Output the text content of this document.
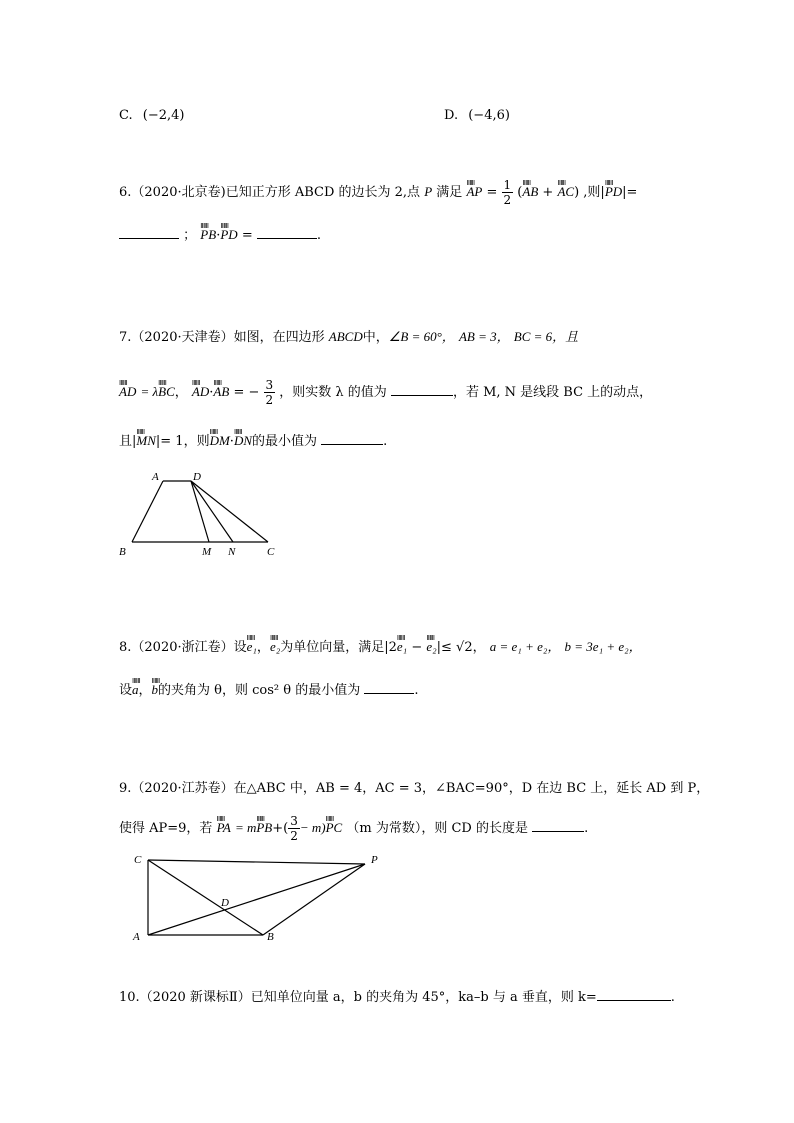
C. (−2,4)	D. (−4,6)
6.（2020·北京卷)已知正方形 ABCD 的边长为 2,点 P 满足 ⅢⅢ AP = $\frac{1}{2}$ (ⅢⅢ AB + ⅢⅢ AC) ,则|ⅢⅢ PD|=
； ⅢⅢ PB·ⅢⅢ PD =	.
7.（2020·天津卷）如图，在四边形 ABCD中，∠B = 60°， AB = 3， BC = 6，且
ⅢⅢ AD = λⅢⅢ BC， ⅢⅢ AD·ⅢⅢ AB = − $\frac{3}{2}$ ，则实数 λ 的值为	，若 M, N 是线段 BC 上的动点，
且|ⅢⅢ MN|= 1，则ⅢⅢ DM·ⅢⅢ DN的最小值为	.
A	D
B	M N	C
8.（2020·浙江卷）设ⅢⅢ e₁，ⅢⅢ e₂为单位向量，满足|2ⅢⅢ e₁ − ⅢⅢ e₂|≤ √2， a = e₁ + e₂， b = 3e₁ + e₂，
设ⅢⅢ a，ⅢⅢ b的夹角为 θ，则 cos² θ 的最小值为	.
9.（2020·江苏卷）在△ABC 中，AB = 4，AC = 3，∠BAC=90°，D 在边 BC 上，延长 AD 到 P，
使得 AP=9，若 ⅢⅢ PA = mⅢⅢ $PB+( \frac{3}{2}$ − m)ⅢⅢ PC （m 为常数），则 CD 的长度是	.
C	P
D
A	B
10.（2020 新课标Ⅱ）已知单位向量 a，b 的夹角为 45°，ka–b 与 a 垂直，则 k=	.
